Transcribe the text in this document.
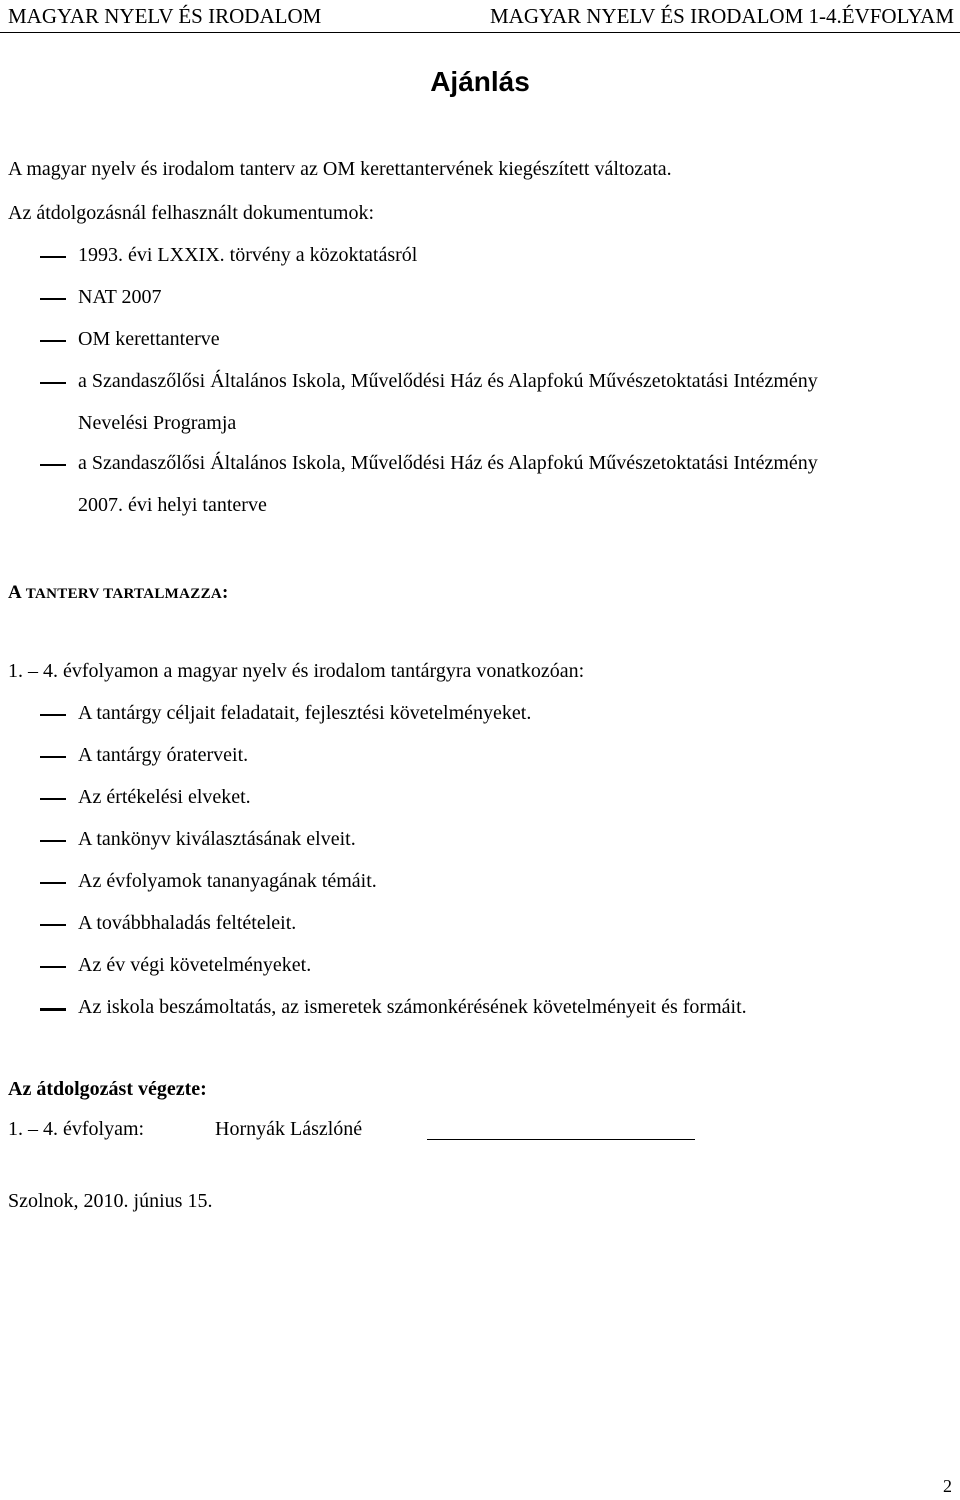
MAGYAR NYELV ÉS IRODALOM	MAGYAR NYELV ÉS IRODALOM 1-4.ÉVFOLYAM
Ajánlás
A magyar nyelv és irodalom tanterv az OM kerettantervének kiegészített változata.
Az átdolgozásnál felhasznált dokumentumok:
1993. évi LXXIX. törvény a közoktatásról
NAT 2007
OM kerettanterve
a Szandaszőlősi Általános Iskola, Művelődési Ház és Alapfokú Művészetoktatási Intézmény
Nevelési Programja
a Szandaszőlősi Általános Iskola, Művelődési Ház és Alapfokú Művészetoktatási Intézmény
2007. évi helyi tanterve
A TANTERV TARTALMAZZA:
1. – 4. évfolyamon a magyar nyelv és irodalom tantárgyra vonatkozóan:
A tantárgy céljait feladatait, fejlesztési követelményeket.
A tantárgy óraterveit.
Az értékelési elveket.
A tankönyv kiválasztásának elveit.
Az évfolyamok tananyagának témáit.
A továbbhaladás feltételeit.
Az év végi követelményeket.
Az iskola beszámoltatás, az ismeretek számonkérésének követelményeit és formáit.
Az átdolgozást végezte:
1. – 4. évfolyam:	Hornyák Lászlóné
Szolnok, 2010. június 15.
2
